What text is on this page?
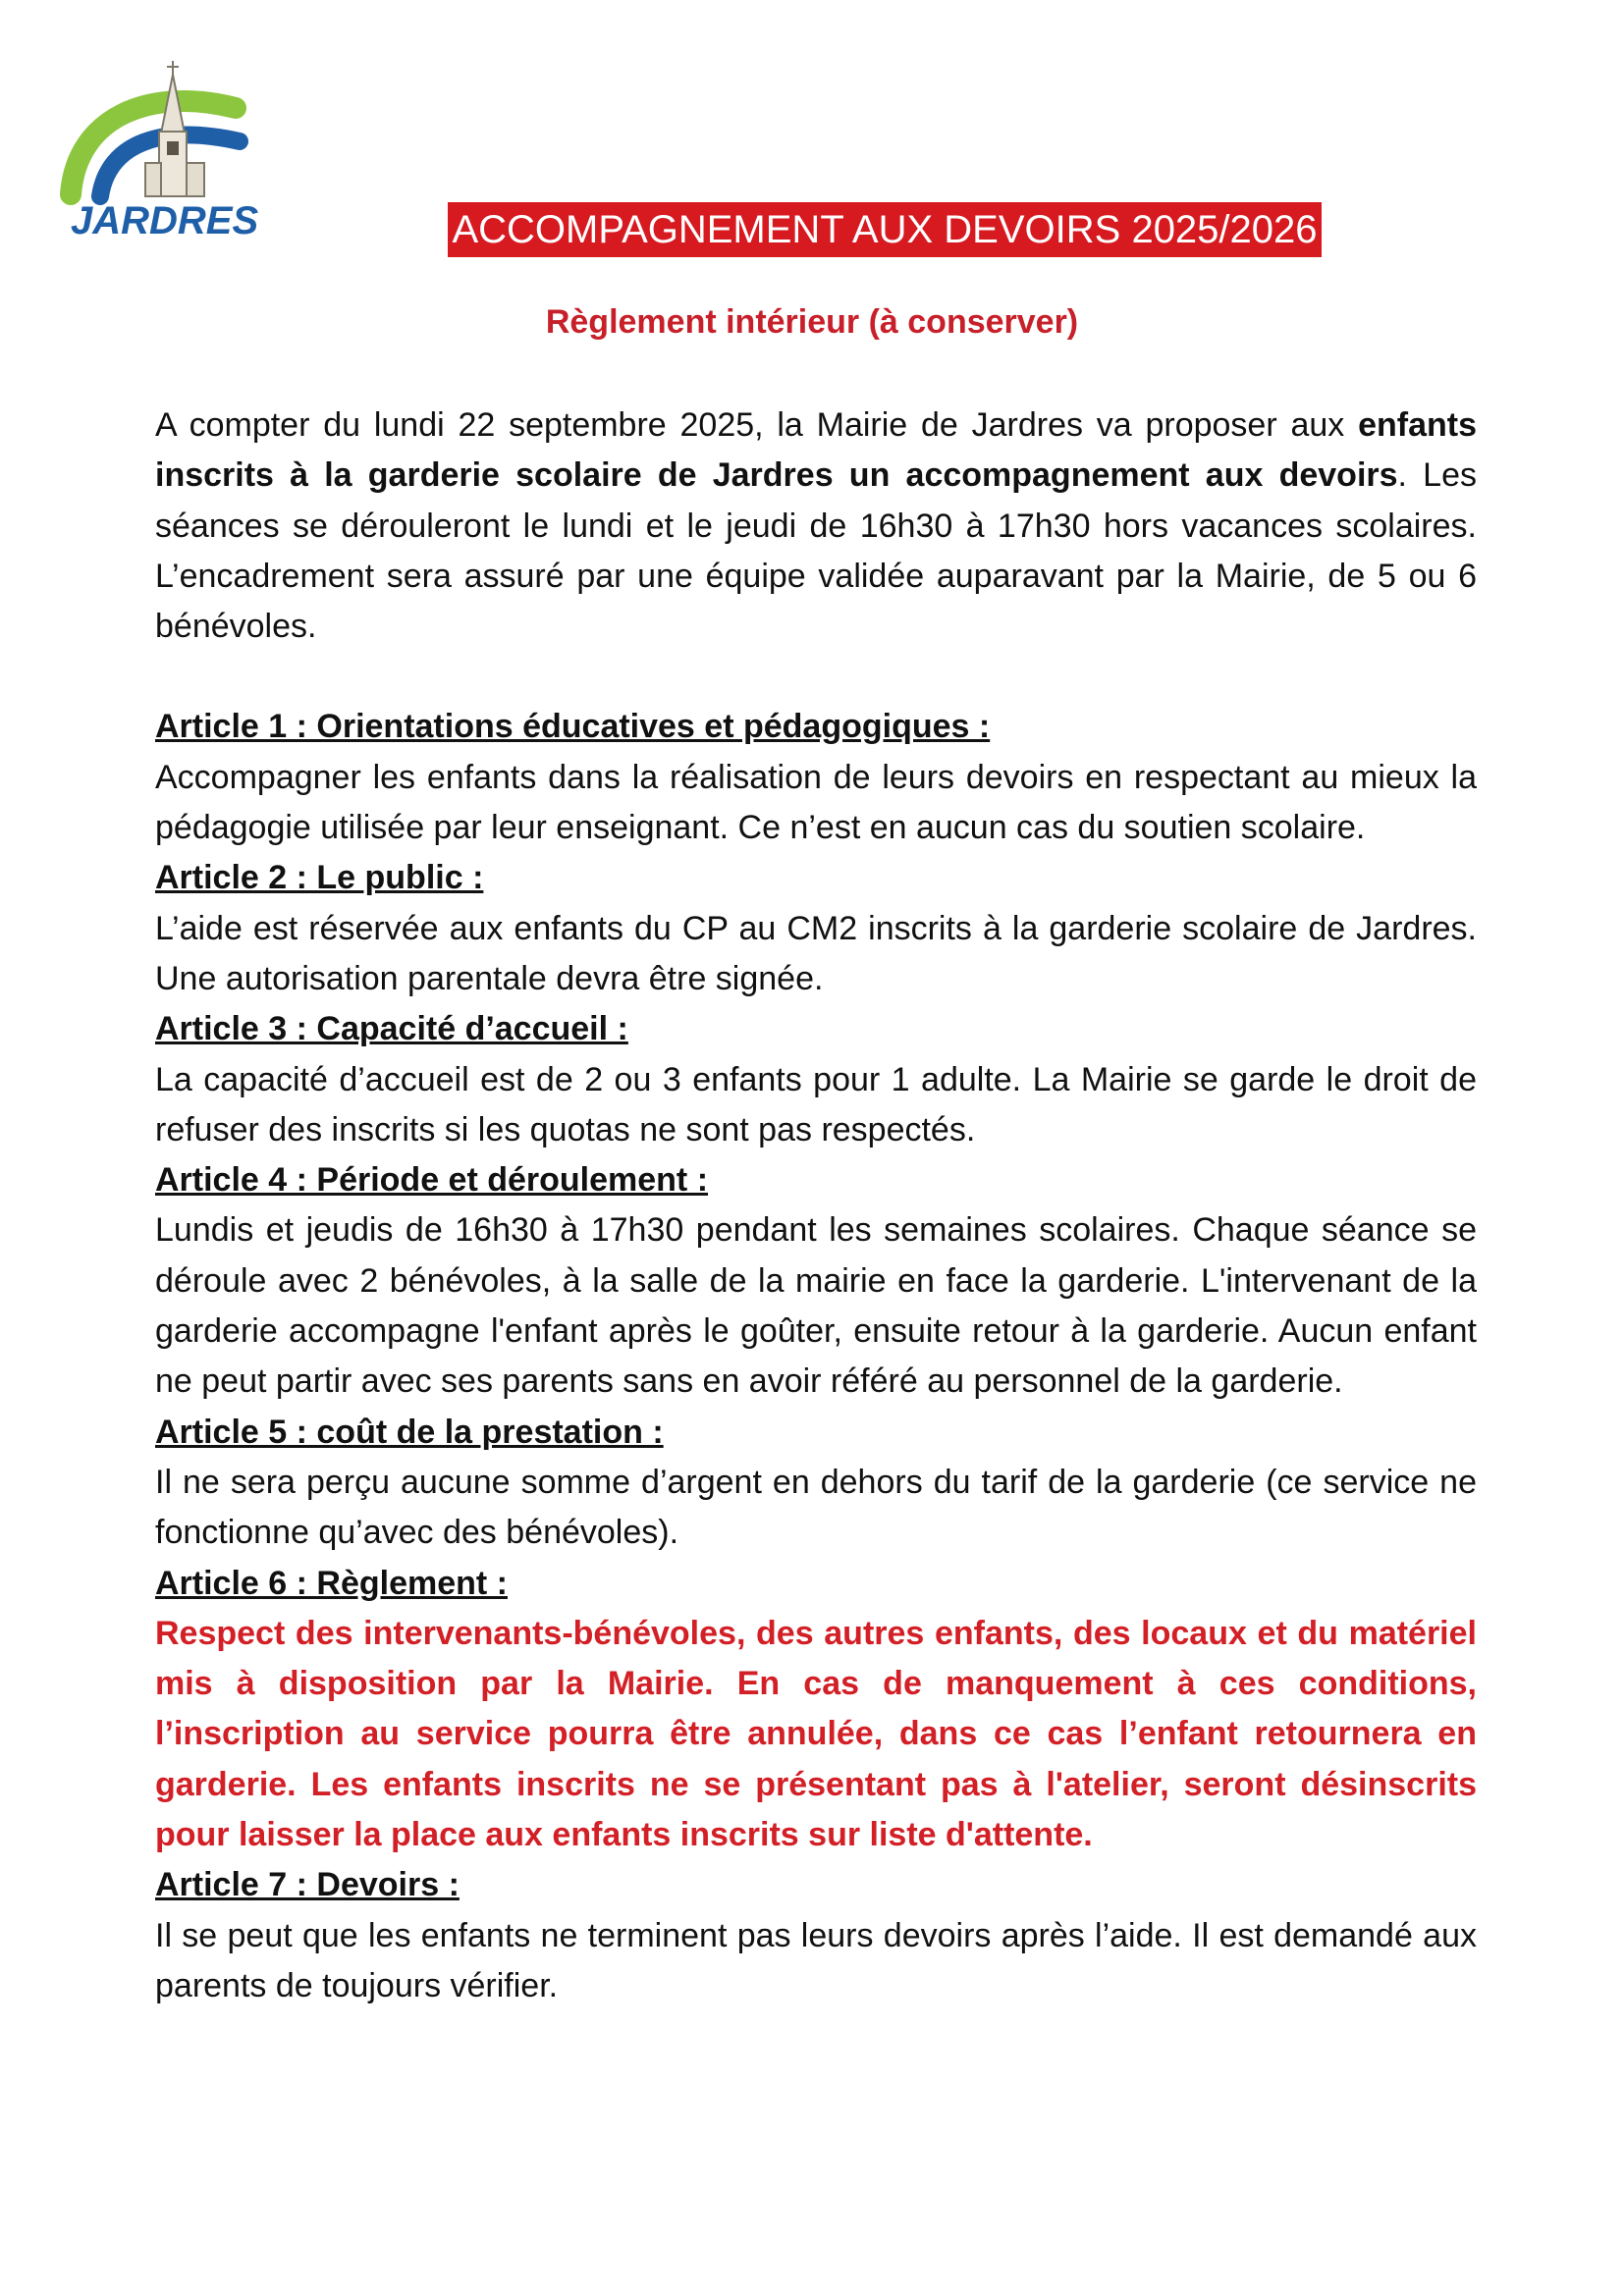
JARDRES	ACCOMPAGNEMENT AUX DEVOIRS 2025/2026
Règlement intérieur (à conserver)

A compter du lundi 22 septembre 2025, la Mairie de Jardres va proposer aux enfants inscrits à la garderie scolaire de Jardres un accompagnement aux devoirs. Les séances se dérouleront le lundi et le jeudi de 16h30 à 17h30 hors vacances scolaires. L’encadrement sera assuré par une équipe validée auparavant par la Mairie, de 5 ou 6 bénévoles.

Article 1 : Orientations éducatives et pédagogiques :

Accompagner les enfants dans la réalisation de leurs devoirs en respectant au mieux la pédagogie utilisée par leur enseignant. Ce n’est en aucun cas du soutien scolaire.

Article 2 : Le public :

L’aide est réservée aux enfants du CP au CM2 inscrits à la garderie scolaire de Jardres. Une autorisation parentale devra être signée.

Article 3 : Capacité d’accueil :

La capacité d’accueil est de 2 ou 3 enfants pour 1 adulte. La Mairie se garde le droit de refuser des inscrits si les quotas ne sont pas respectés.

Article 4 : Période et déroulement :

Lundis et jeudis de 16h30 à 17h30 pendant les semaines scolaires. Chaque séance se déroule avec 2 bénévoles, à la salle de la mairie en face la garderie. L'intervenant de la garderie accompagne l'enfant après le goûter, ensuite retour à la garderie. Aucun enfant ne peut partir avec ses parents sans en avoir référé au personnel de la garderie.

Article 5 : coût de la prestation :

Il ne sera perçu aucune somme d’argent en dehors du tarif de la garderie (ce service ne fonctionne qu’avec des bénévoles).

Article 6 : Règlement :

Respect des intervenants-bénévoles, des autres enfants, des locaux et du matériel mis à disposition par la Mairie. En cas de manquement à ces conditions, l’inscription au service pourra être annulée, dans ce cas l’enfant retournera en garderie. Les enfants inscrits ne se présentant pas à l'atelier, seront désinscrits pour laisser la place aux enfants inscrits sur liste d'attente.

Article 7 : Devoirs :

Il se peut que les enfants ne terminent pas leurs devoirs après l’aide. Il est demandé aux parents de toujours vérifier.
